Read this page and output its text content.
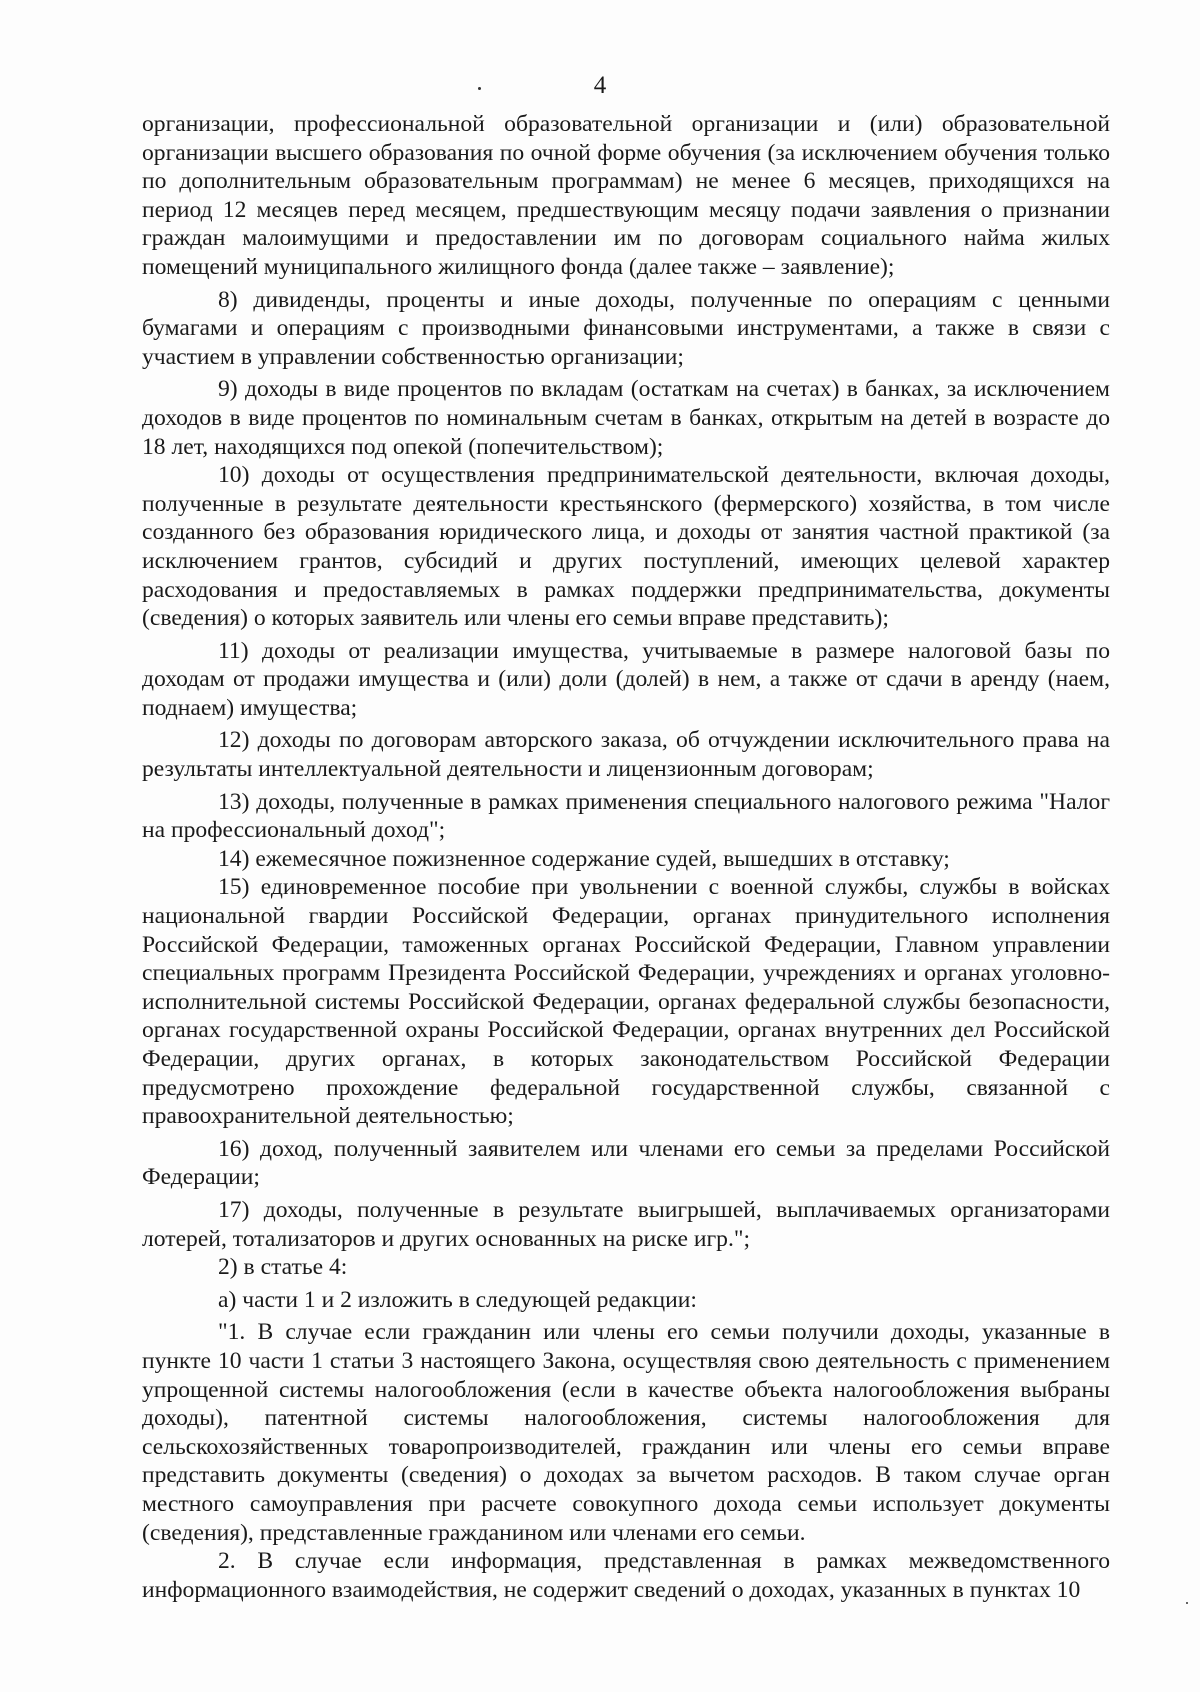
4

организации, профессиональной образовательной организации и (или) образовательной организации высшего образования по очной форме обучения (за исключением обучения только по дополнительным образовательным программам) не менее 6 месяцев, приходящихся на период 12 месяцев перед месяцем, предшествующим месяцу подачи заявления о признании граждан малоимущими и предоставлении им по договорам социального найма жилых помещений муниципального жилищного фонда (далее также – заявление);

8) дивиденды, проценты и иные доходы, полученные по операциям с ценными бумагами и операциям с производными финансовыми инструментами, а также в связи с участием в управлении собственностью организации;

9) доходы в виде процентов по вкладам (остаткам на счетах) в банках, за исключением доходов в виде процентов по номинальным счетам в банках, открытым на детей в возрасте до 18 лет, находящихся под опекой (попечительством);

10) доходы от осуществления предпринимательской деятельности, включая доходы, полученные в результате деятельности крестьянского (фермерского) хозяйства, в том числе созданного без образования юридического лица, и доходы от занятия частной практикой (за исключением грантов, субсидий и других поступлений, имеющих целевой характер расходования и предоставляемых в рамках поддержки предпринимательства, документы (сведения) о которых заявитель или члены его семьи вправе представить);

11) доходы от реализации имущества, учитываемые в размере налоговой базы по доходам от продажи имущества и (или) доли (долей) в нем, а также от сдачи в аренду (наем, поднаем) имущества;

12) доходы по договорам авторского заказа, об отчуждении исключительного права на результаты интеллектуальной деятельности и лицензионным договорам;

13) доходы, полученные в рамках применения специального налогового режима "Налог на профессиональный доход";

14) ежемесячное пожизненное содержание судей, вышедших в отставку;

15) единовременное пособие при увольнении с военной службы, службы в войсках национальной гвардии Российской Федерации, органах принудительного исполнения Российской Федерации, таможенных органах Российской Федерации, Главном управлении специальных программ Президента Российской Федерации, учреждениях и органах уголовно-исполнительной системы Российской Федерации, органах федеральной службы безопасности, органах государственной охраны Российской Федерации, органах внутренних дел Российской Федерации, других органах, в которых законодательством Российской Федерации предусмотрено прохождение федеральной государственной службы, связанной с правоохранительной деятельностью;

16) доход, полученный заявителем или членами его семьи за пределами Российской Федерации;

17) доходы, полученные в результате выигрышей, выплачиваемых организаторами лотерей, тотализаторов и других основанных на риске игр.";

2) в статье 4:

а) части 1 и 2 изложить в следующей редакции:

"1. В случае если гражданин или члены его семьи получили доходы, указанные в пункте 10 части 1 статьи 3 настоящего Закона, осуществляя свою деятельность с применением упрощенной системы налогообложения (если в качестве объекта налогообложения выбраны доходы), патентной системы налогообложения, системы налогообложения для сельскохозяйственных товаропроизводителей, гражданин или члены его семьи вправе представить документы (сведения) о доходах за вычетом расходов. В таком случае орган местного самоуправления при расчете совокупного дохода семьи использует документы (сведения), представленные гражданином или членами его семьи.

2. В случае если информация, представленная в рамках межведомственного информационного взаимодействия, не содержит сведений о доходах, указанных в пунктах 10
